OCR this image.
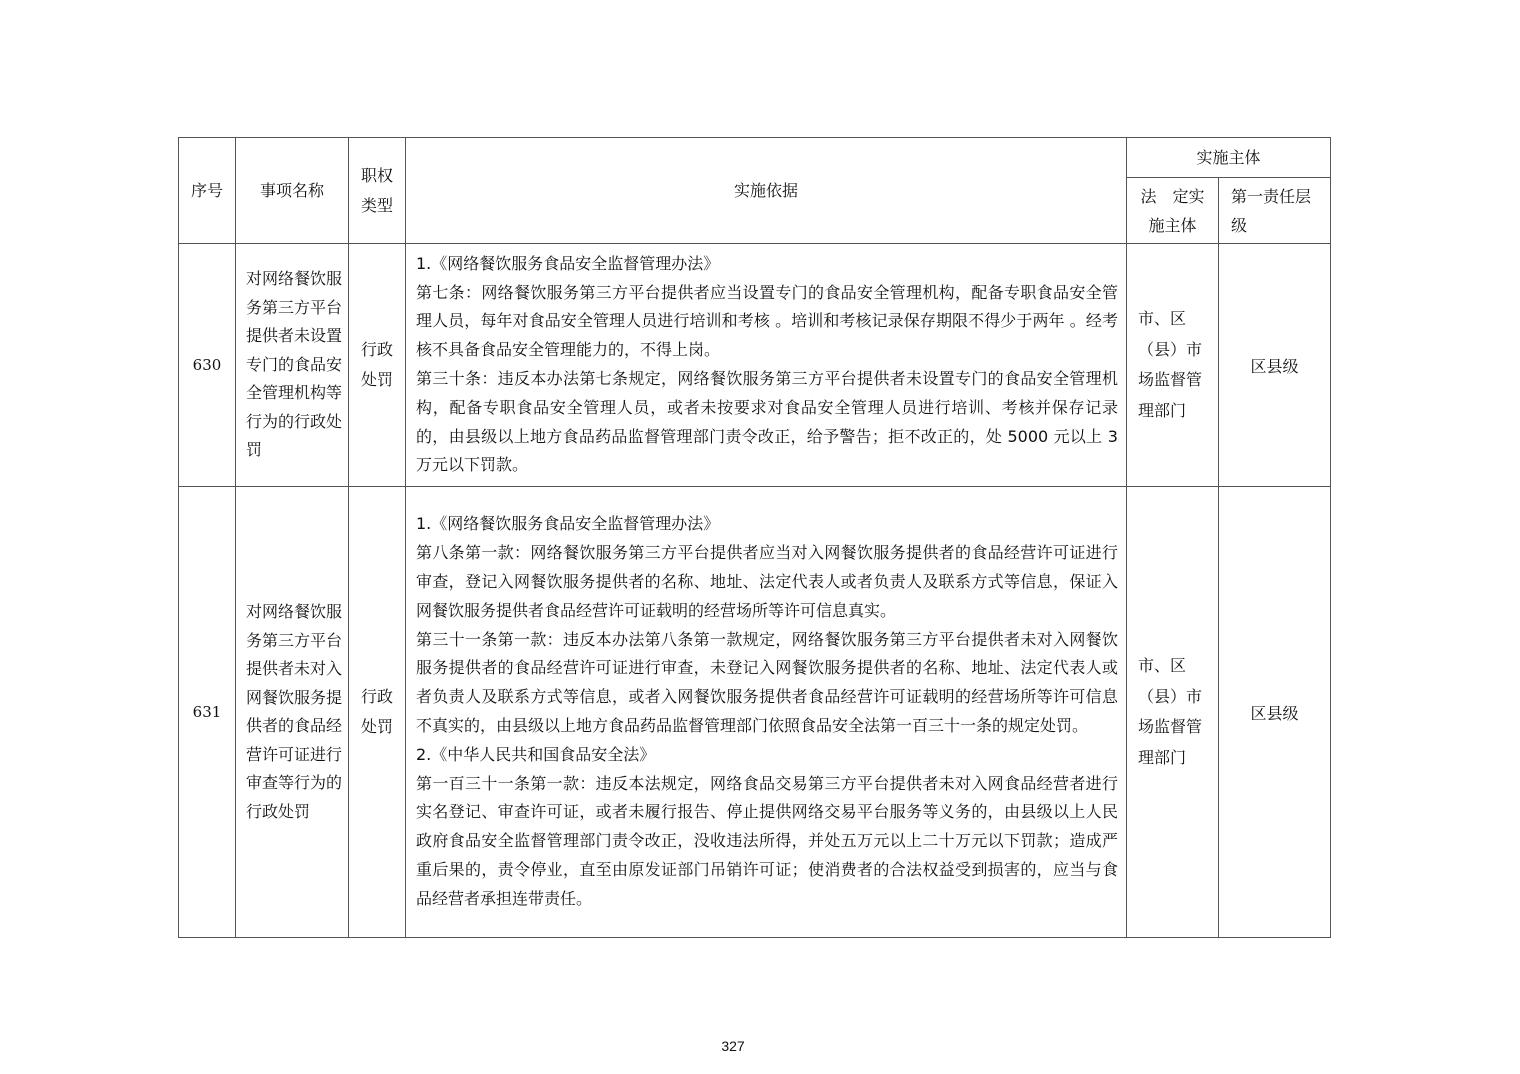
序号	事项名称	职权类型	实施依据	实施主体	

				法　定实施主体	第一责任层级

630	对网络餐饮服务第三方平台提供者未设置专门的食品安全管理机构等行为的行政处罚	行政处罚	1.《网络餐饮服务食品安全监督管理办法》
第七条：网络餐饮服务第三方平台提供者应当设置专门的食品安全管理机构，配备专职食品安全管理人员，每年对食品安全管理人员进行培训和考核 。培训和考核记录保存期限不得少于两年 。经考核不具备食品安全管理能力的，不得上岗。
第三十条：违反本办法第七条规定，网络餐饮服务第三方平台提供者未设置专门的食品安全管理机构，配备专职食品安全管理人员，或者未按要求对食品安全管理人员进行培训、考核并保存记录的，由县级以上地方食品药品监督管理部门责令改正，给予警告；拒不改正的，处 5000 元以上 3 万元以下罚款。	市、区（县）市场监督管理部门	区县级
631	对网络餐饮服务第三方平台提供者未对入网餐饮服务提供者的食品经营许可证进行审查等行为的行政处罚	行政处罚	1.《网络餐饮服务食品安全监督管理办法》
第八条第一款：网络餐饮服务第三方平台提供者应当对入网餐饮服务提供者的食品经营许可证进行审查，登记入网餐饮服务提供者的名称、地址、法定代表人或者负责人及联系方式等信息，保证入网餐饮服务提供者食品经营许可证载明的经营场所等许可信息真实。
第三十一条第一款：违反本办法第八条第一款规定，网络餐饮服务第三方平台提供者未对入网餐饮服务提供者的食品经营许可证进行审查，未登记入网餐饮服务提供者的名称、地址、法定代表人或者负责人及联系方式等信息，或者入网餐饮服务提供者食品经营许可证载明的经营场所等许可信息不真实的，由县级以上地方食品药品监督管理部门依照食品安全法第一百三十一条的规定处罚。
2.《中华人民共和国食品安全法》
第一百三十一条第一款：违反本法规定，网络食品交易第三方平台提供者未对入网食品经营者进行实名登记、审查许可证，或者未履行报告、停止提供网络交易平台服务等义务的，由县级以上人民政府食品安全监督管理部门责令改正，没收违法所得，并处五万元以上二十万元以下罚款；造成严重后果的，责令停业，直至由原发证部门吊销许可证；使消费者的合法权益受到损害的，应当与食品经营者承担连带责任。	市、区（县）市场监督管理部门	区县级
327
